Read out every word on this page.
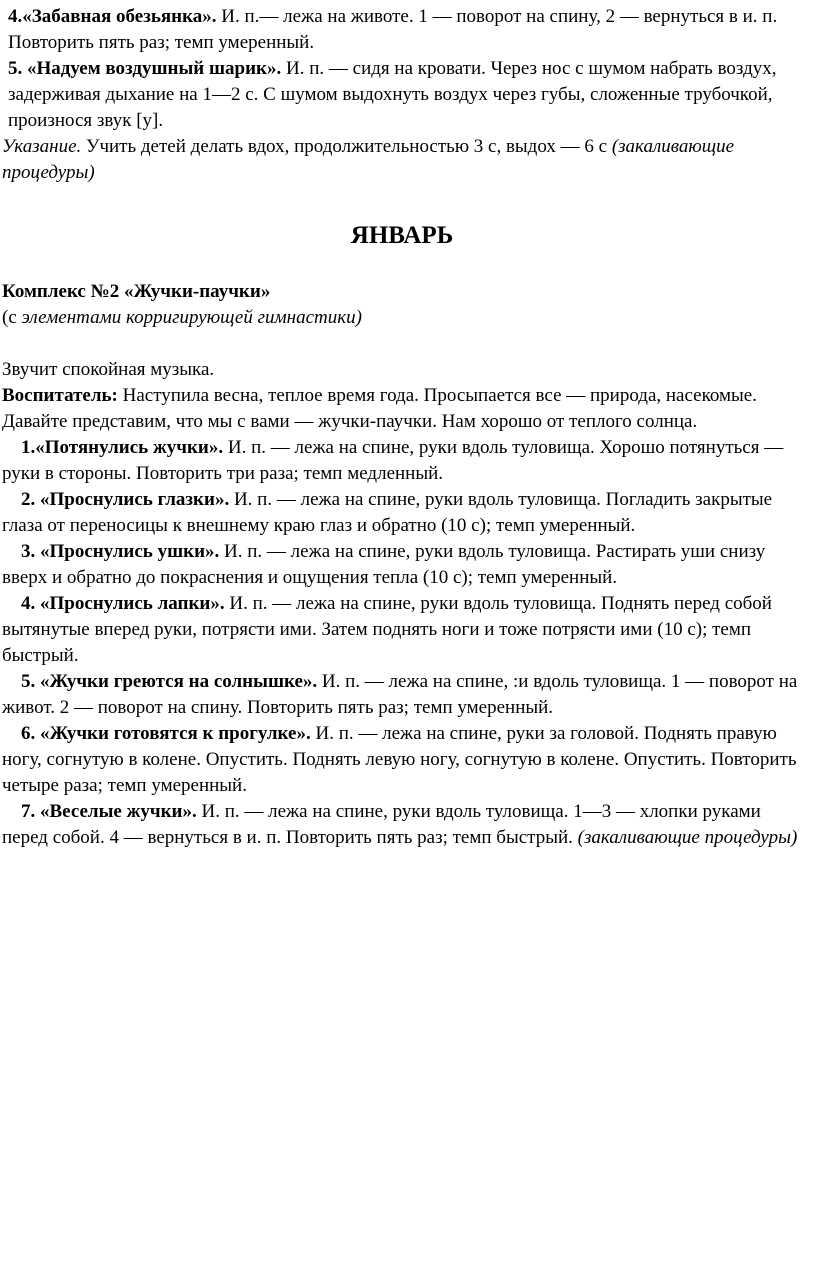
4.«Забавная обезьянка». И. п.— лежа на животе. 1 — поворот на спину, 2 — вернуться в и. п. Повторить пять раз; темп умеренный.

5. «Надуем воздушный шарик». И. п. — сидя на кровати. Через нос с шумом набрать воздух, задерживая дыхание на 1—2 с. С шумом выдохнуть воздух через губы, сложенные трубочкой, произнося звук [у].

Указание. Учить детей делать вдох, продолжительностью 3 с, выдох — 6 с (закаливающие процедуры)

ЯНВАРЬ

Комплекс №2 «Жучки-паучки»

(с элементами корригирующей гимнастики)

Звучит спокойная музыка.

Воспитатель: Наступила весна, теплое время года. Просыпается все — природа, насекомые. Давайте представим, что мы с вами — жучки-паучки. Нам хорошо от теплого солнца.

1.«Потянулись жучки». И. п. — лежа на спине, руки вдоль туловища. Хорошо потянуться — руки в стороны. Повторить три раза; темп медленный.

2. «Проснулись глазки». И. п. — лежа на спине, руки вдоль туловища. Погладить закрытые глаза от переносицы к внешнему краю глаз и обратно (10 с); темп умеренный.

3. «Проснулись ушки». И. п. — лежа на спине, руки вдоль туловища. Растирать уши снизу вверх и обратно до покраснения и ощущения тепла (10 с); темп умеренный.

4. «Проснулись лапки». И. п. — лежа на спине, руки вдоль туловища. Поднять перед собой вытянутые вперед руки, потрясти ими. Затем поднять ноги и тоже потрясти ими (10 с); темп быстрый.

5. «Жучки греются на солнышке». И. п. — лежа на спине, :и вдоль туловища. 1 — поворот на живот. 2 — поворот на спину. Повторить пять раз; темп умеренный.

6. «Жучки готовятся к прогулке». И. п. — лежа на спине, руки за головой. Поднять правую ногу, согнутую в колене. Опустить. Поднять левую ногу, согнутую в колене. Опустить. Повторить четыре раза; темп умеренный.

7. «Веселые жучки». И. п. — лежа на спине, руки вдоль туловища. 1—3 — хлопки руками перед собой. 4 — вернуться в и. п. Повторить пять раз; темп быстрый. (закаливающие процедуры)
